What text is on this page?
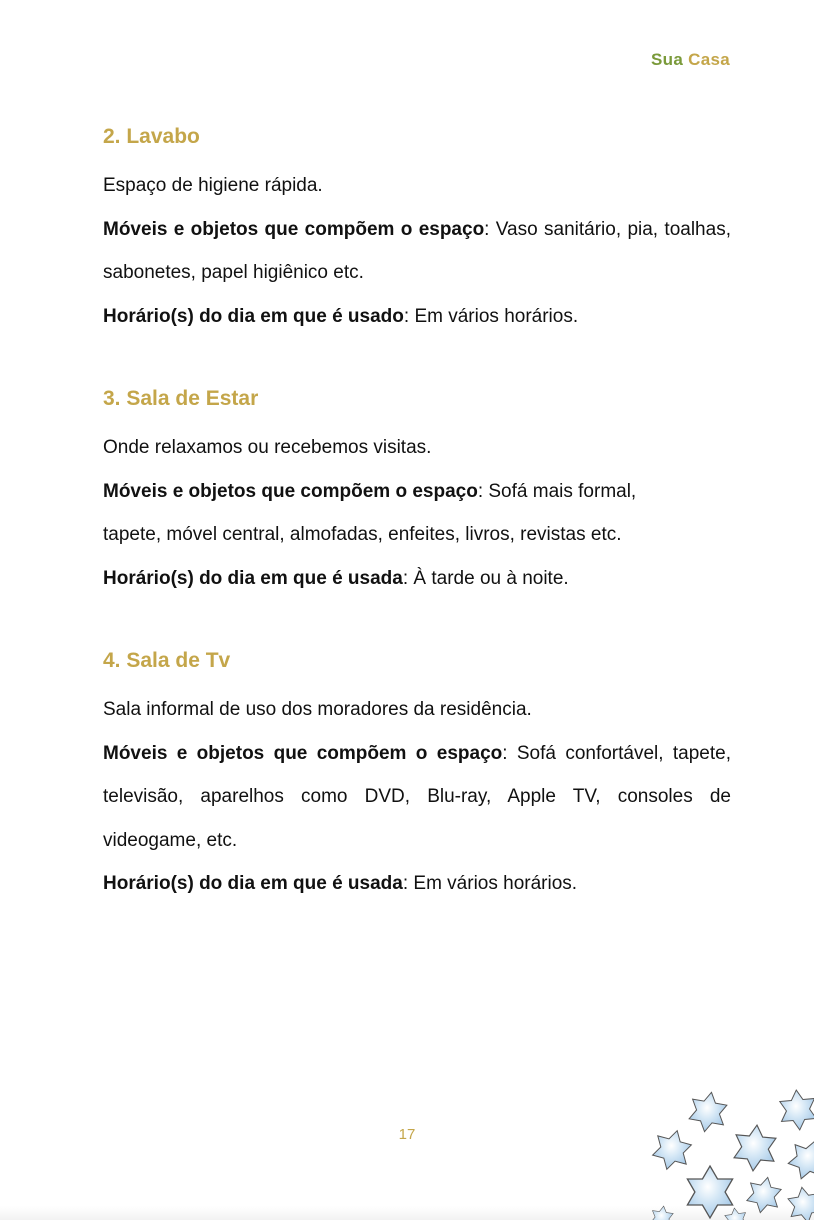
Sua Casa
2. Lavabo

Espaço de higiene rápida.

Móveis e objetos que compõem o espaço: Vaso sanitário, pia, toalhas, sabonetes, papel higiênico etc.

Horário(s) do dia em que é usado: Em vários horários.

3. Sala de Estar

Onde relaxamos ou recebemos visitas.

Móveis e objetos que compõem o espaço: Sofá mais formal, tapete, móvel central, almofadas, enfeites, livros, revistas etc.

Horário(s) do dia em que é usada: À tarde ou à noite.

4. Sala de Tv

Sala informal de uso dos moradores da residência.

Móveis e objetos que compõem o espaço: Sofá confortável, tapete, televisão, aparelhos como DVD, Blu-ray, Apple TV, consoles de videogame, etc.

Horário(s) do dia em que é usada: Em vários horários.

17
